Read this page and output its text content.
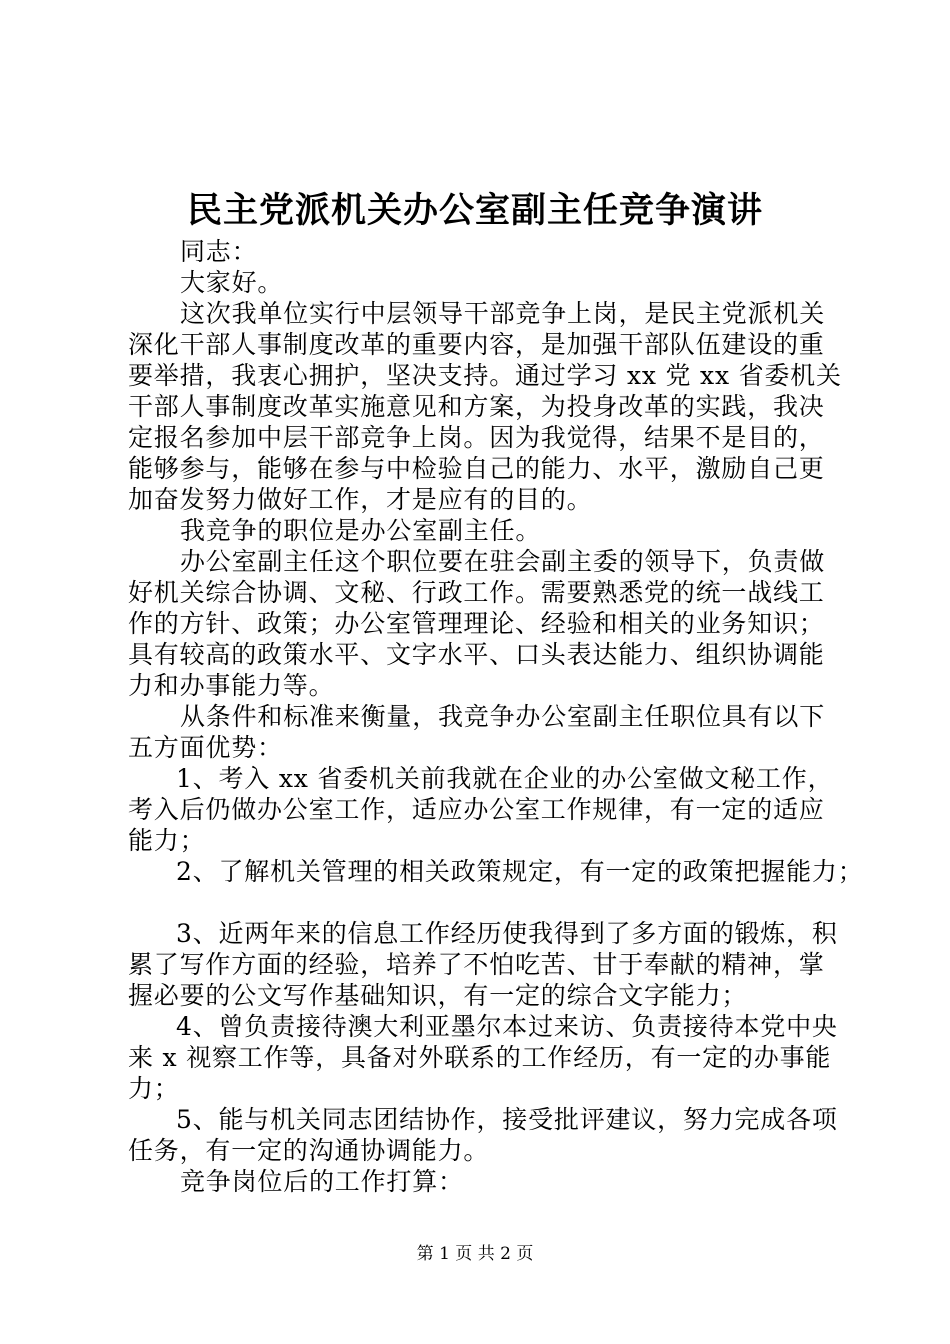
民主党派机关办公室副主任竞争演讲
同志：
大家好。
这次我单位实行中层领导干部竞争上岗，是民主党派机关
深化干部人事制度改革的重要内容，是加强干部队伍建设的重
要举措，我衷心拥护，坚决支持。通过学习 xx 党 xx 省委机关
干部人事制度改革实施意见和方案，为投身改革的实践，我决
定报名参加中层干部竞争上岗。因为我觉得，结果不是目的，
能够参与，能够在参与中检验自己的能力、水平，激励自己更
加奋发努力做好工作，才是应有的目的。
我竞争的职位是办公室副主任。
办公室副主任这个职位要在驻会副主委的领导下，负责做
好机关综合协调、文秘、行政工作。需要熟悉党的统一战线工
作的方针、政策；办公室管理理论、经验和相关的业务知识；
具有较高的政策水平、文字水平、口头表达能力、组织协调能
力和办事能力等。
从条件和标准来衡量，我竞争办公室副主任职位具有以下
五方面优势：
1、考入 xx 省委机关前我就在企业的办公室做文秘工作，
考入后仍做办公室工作，适应办公室工作规律，有一定的适应
能力；
2、了解机关管理的相关政策规定，有一定的政策把握能力；
3、近两年来的信息工作经历使我得到了多方面的锻炼，积
累了写作方面的经验，培养了不怕吃苦、甘于奉献的精神，掌
握必要的公文写作基础知识，有一定的综合文字能力；
4、曾负责接待澳大利亚墨尔本过来访、负责接待本党中央
来 x 视察工作等，具备对外联系的工作经历，有一定的办事能
力；
5、能与机关同志团结协作，接受批评建议，努力完成各项
任务，有一定的沟通协调能力。
竞争岗位后的工作打算：
第 1 页 共 2 页
